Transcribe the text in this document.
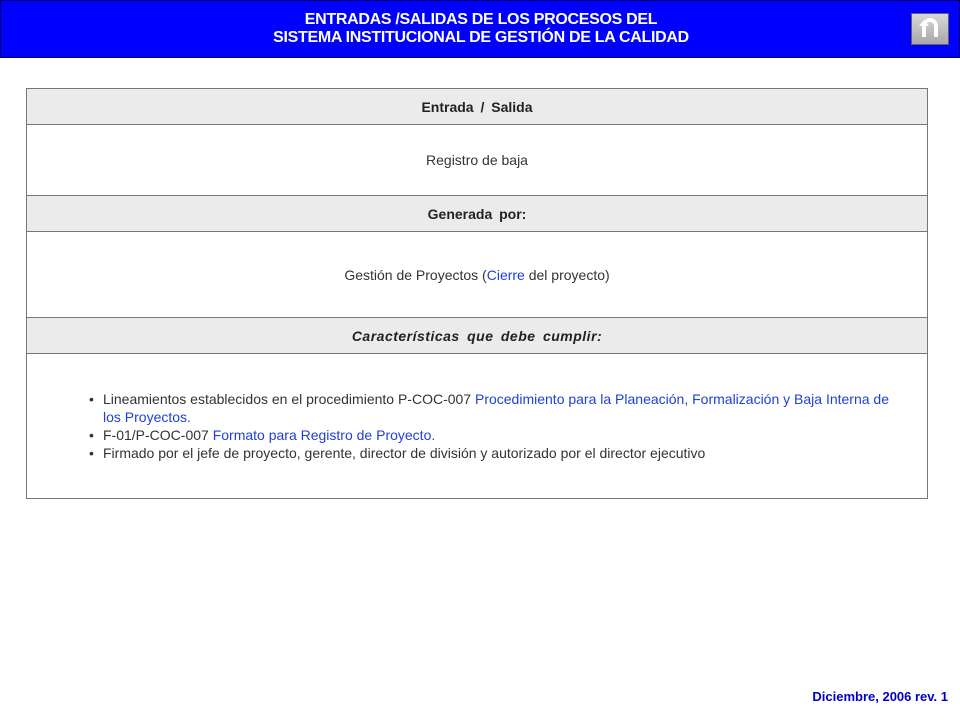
ENTRADAS /SALIDAS DE LOS PROCESOS DEL
SISTEMA INSTITUCIONAL DE GESTIÓN DE LA CALIDAD
Entrada / Salida
Registro de baja
Generada por:
Gestión de Proyectos (Cierre del proyecto)
Características que debe cumplir:
• Lineamientos establecidos en el procedimiento P-COC-007 Procedimiento para la Planeación, Formalización y Baja Interna de los Proyectos.
• F-01/P-COC-007 Formato para Registro de Proyecto.
• Firmado por el jefe de proyecto, gerente, director de división y autorizado por el director ejecutivo
Diciembre, 2006 rev. 1
